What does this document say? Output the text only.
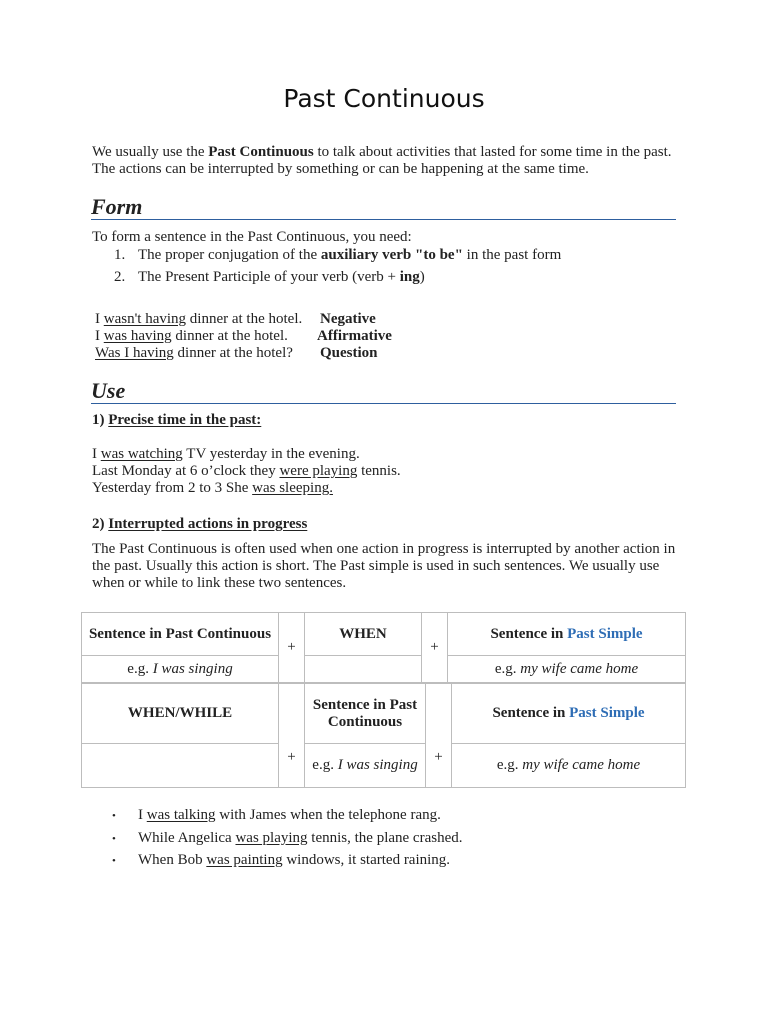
Past Continuous
We usually use the Past Continuous to talk about activities that lasted for some time in the past. The actions can be interrupted by something or can be happening at the same time.
Form
To form a sentence in the Past Continuous, you need:
1. The proper conjugation of the auxiliary verb "to be" in the past form
2. The Present Participle of your verb (verb + ing)
I wasn't having dinner at the hotel. Negative
I was having dinner at the hotel. Affirmative
Was I having dinner at the hotel? Question
Use
1) Precise time in the past:
I was watching TV yesterday in the evening.
Last Monday at 6 o’clock they were playing tennis.
Yesterday from 2 to 3 She was sleeping.
2) Interrupted actions in progress
The Past Continuous is often used when one action in progress is interrupted by another action in the past. Usually this action is short. The Past simple is used in such sentences. We usually use when or while to link these two sentences.
Sentence in Past Continuous	+	WHEN	+	Sentence in Past Simple
e.g. I was singing				e.g. my wife came home
WHEN/WHILE	+	Sentence in Past Continuous	+	Sentence in Past Simple
		e.g. I was singing		e.g. my wife came home
• I was talking with James when the telephone rang.
• While Angelica was playing tennis, the plane crashed.
• When Bob was painting windows, it started raining.
